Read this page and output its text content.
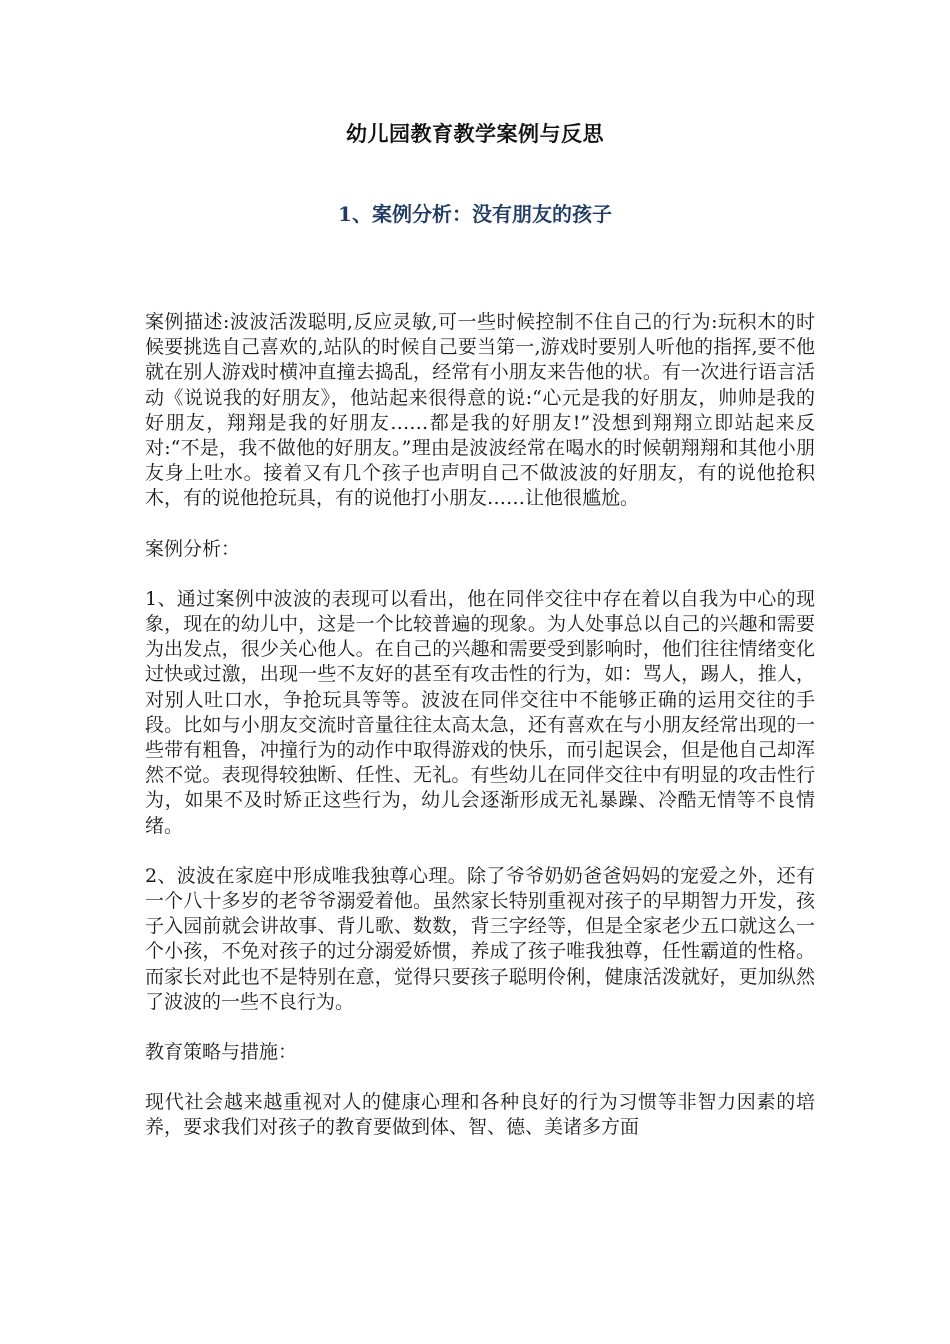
幼儿园教育教学案例与反思
1、案例分析：没有朋友的孩子

案例描述:波波活泼聪明,反应灵敏,可一些时候控制不住自己的行为:玩积木的时候要挑选自己喜欢的,站队的时候自己要当第一,游戏时要别人听他的指挥,要不他就在别人游戏时横冲直撞去捣乱，经常有小朋友来告他的状。有一次进行语言活动《说说我的好朋友》，他站起来很得意的说:“心元是我的好朋友，帅帅是我的好朋友，翔翔是我的好朋友……都是我的好朋友!”没想到翔翔立即站起来反对:“不是，我不做他的好朋友。”理由是波波经常在喝水的时候朝翔翔和其他小朋友身上吐水。接着又有几个孩子也声明自己不做波波的好朋友，有的说他抢积木，有的说他抢玩具，有的说他打小朋友……让他很尴尬。

案例分析：

1、通过案例中波波的表现可以看出，他在同伴交往中存在着以自我为中心的现象，现在的幼儿中，这是一个比较普遍的现象。为人处事总以自己的兴趣和需要为出发点，很少关心他人。在自己的兴趣和需要受到影响时，他们往往情绪变化过快或过激，出现一些不友好的甚至有攻击性的行为，如：骂人，踢人，推人，对别人吐口水，争抢玩具等等。波波在同伴交往中不能够正确的运用交往的手段。比如与小朋友交流时音量往往太高太急，还有喜欢在与小朋友经常出现的一些带有粗鲁，冲撞行为的动作中取得游戏的快乐，而引起误会，但是他自己却浑然不觉。表现得较独断、任性、无礼。有些幼儿在同伴交往中有明显的攻击性行为，如果不及时矫正这些行为，幼儿会逐渐形成无礼暴躁、冷酷无情等不良情绪。

2、波波在家庭中形成唯我独尊心理。除了爷爷奶奶爸爸妈妈的宠爱之外，还有一个八十多岁的老爷爷溺爱着他。虽然家长特别重视对孩子的早期智力开发，孩子入园前就会讲故事、背儿歌、数数，背三字经等，但是全家老少五口就这么一个小孩，不免对孩子的过分溺爱娇惯，养成了孩子唯我独尊，任性霸道的性格。而家长对此也不是特别在意，觉得只要孩子聪明伶俐，健康活泼就好，更加纵然了波波的一些不良行为。

教育策略与措施：

现代社会越来越重视对人的健康心理和各种良好的行为习惯等非智力因素的培养，要求我们对孩子的教育要做到体、智、德、美诸多方面
